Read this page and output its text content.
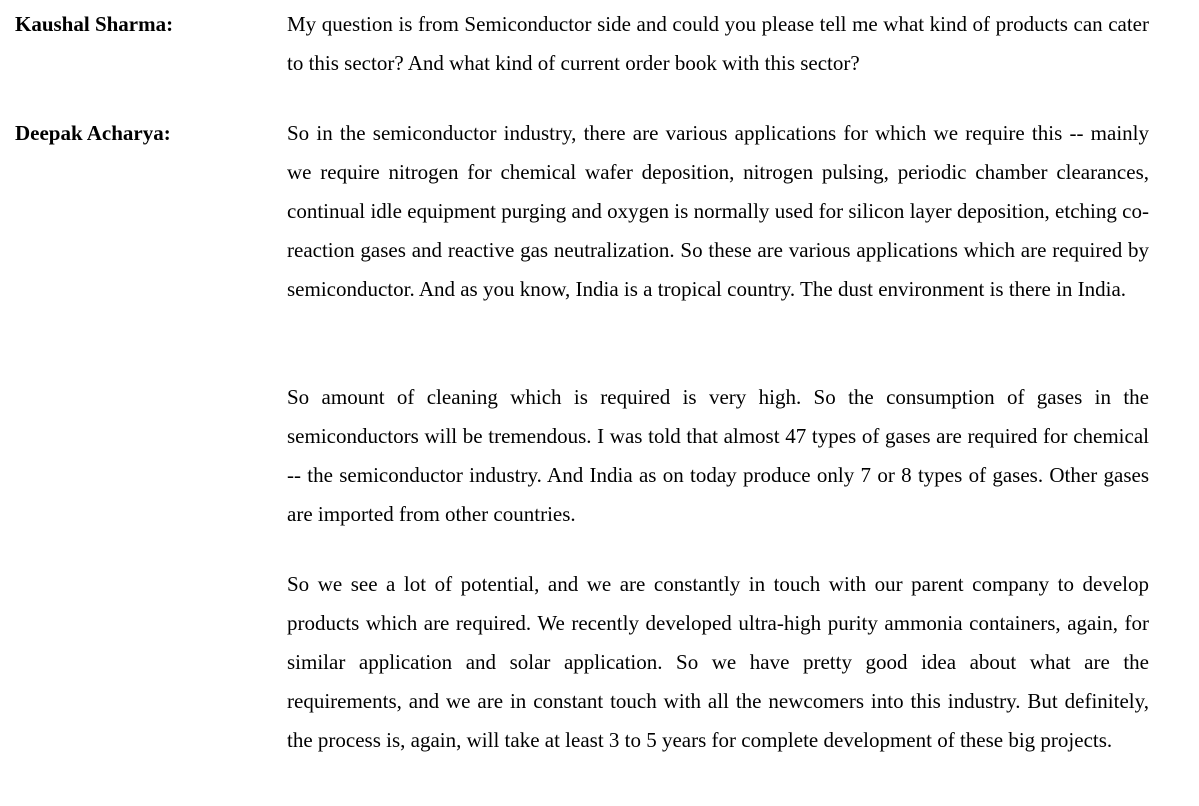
Kaushal Sharma:	My question is from Semiconductor side and could you please tell me what kind of products can cater to this sector? And what kind of current order book with this sector?

Deepak Acharya:	So in the semiconductor industry, there are various applications for which we require this -- mainly we require nitrogen for chemical wafer deposition, nitrogen pulsing, periodic chamber clearances, continual idle equipment purging and oxygen is normally used for silicon layer deposition, etching co-reaction gases and reactive gas neutralization. So these are various applications which are required by semiconductor. And as you know, India is a tropical country. The dust environment is there in India.

So amount of cleaning which is required is very high. So the consumption of gases in the semiconductors will be tremendous. I was told that almost 47 types of gases are required for chemical -- the semiconductor industry. And India as on today produce only 7 or 8 types of gases. Other gases are imported from other countries.

So we see a lot of potential, and we are constantly in touch with our parent company to develop products which are required. We recently developed ultra-high purity ammonia containers, again, for similar application and solar application. So we have pretty good idea about what are the requirements, and we are in constant touch with all the newcomers into this industry. But definitely, the process is, again, will take at least 3 to 5 years for complete development of these big projects.
